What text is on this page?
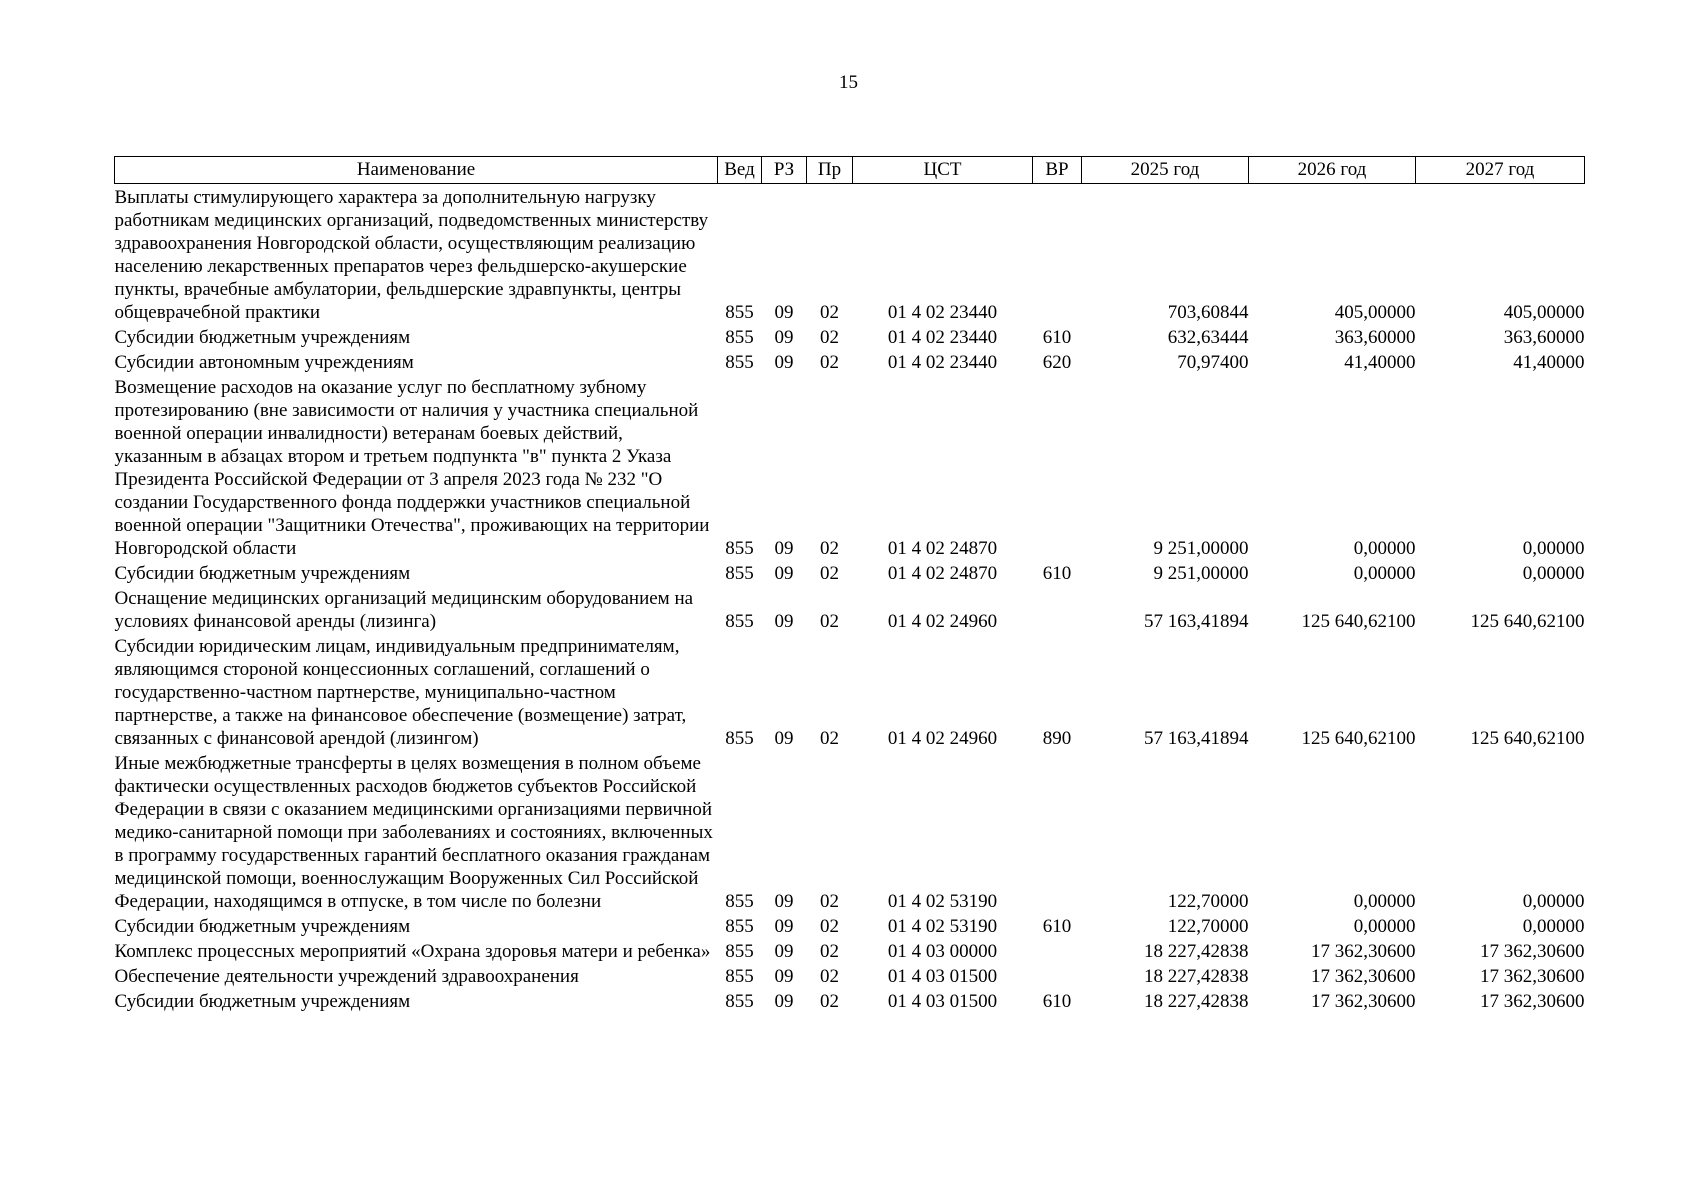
15
Наименование	Вед	РЗ	Пр	ЦСТ	ВР	2025 год	2026 год	2027 год
Выплаты стимулирующего характера за дополнительную нагрузку работникам медицинских организаций, подведомственных министерству здравоохранения Новгородской области, осуществляющим реализацию населению лекарственных препаратов через фельдшерско-акушерские пункты, врачебные амбулатории, фельдшерские здравпункты, центры общеврачебной практики	855	09	02	01 4 02 23440		703,60844	405,00000	405,00000
Субсидии бюджетным учреждениям	855	09	02	01 4 02 23440	610	632,63444	363,60000	363,60000
Субсидии автономным учреждениям	855	09	02	01 4 02 23440	620	70,97400	41,40000	41,40000
Возмещение расходов на оказание услуг по бесплатному зубному протезированию (вне зависимости от наличия у участника специальной военной операции инвалидности) ветеранам боевых действий, указанным в абзацах втором и третьем подпункта "в" пункта 2 Указа Президента Российской Федерации от 3 апреля 2023 года № 232 "О создании Государственного фонда поддержки участников специальной военной операции "Защитники Отечества", проживающих на территории Новгородской области	855	09	02	01 4 02 24870		9 251,00000	0,00000	0,00000
Субсидии бюджетным учреждениям	855	09	02	01 4 02 24870	610	9 251,00000	0,00000	0,00000
Оснащение медицинских организаций медицинским оборудованием на условиях финансовой аренды (лизинга)	855	09	02	01 4 02 24960		57 163,41894	125 640,62100	125 640,62100
Субсидии юридическим лицам, индивидуальным предпринимателям, являющимся стороной концессионных соглашений, соглашений о государственно-частном партнерстве, муниципально-частном партнерстве, а также на финансовое обеспечение (возмещение) затрат, связанных с финансовой арендой (лизингом)	855	09	02	01 4 02 24960	890	57 163,41894	125 640,62100	125 640,62100
Иные межбюджетные трансферты в целях возмещения в полном объеме фактически осуществленных расходов бюджетов субъектов Российской Федерации в связи с оказанием медицинскими организациями первичной медико-санитарной помощи при заболеваниях и состояниях, включенных в программу государственных гарантий бесплатного оказания гражданам медицинской помощи, военнослужащим Вооруженных Сил Российской Федерации, находящимся в отпуске, в том числе по болезни	855	09	02	01 4 02 53190		122,70000	0,00000	0,00000
Субсидии бюджетным учреждениям	855	09	02	01 4 02 53190	610	122,70000	0,00000	0,00000
Комплекс процессных мероприятий «Охрана здоровья матери и ребенка»	855	09	02	01 4 03 00000		18 227,42838	17 362,30600	17 362,30600
Обеспечение деятельности учреждений здравоохранения	855	09	02	01 4 03 01500		18 227,42838	17 362,30600	17 362,30600
Субсидии бюджетным учреждениям	855	09	02	01 4 03 01500	610	18 227,42838	17 362,30600	17 362,30600
